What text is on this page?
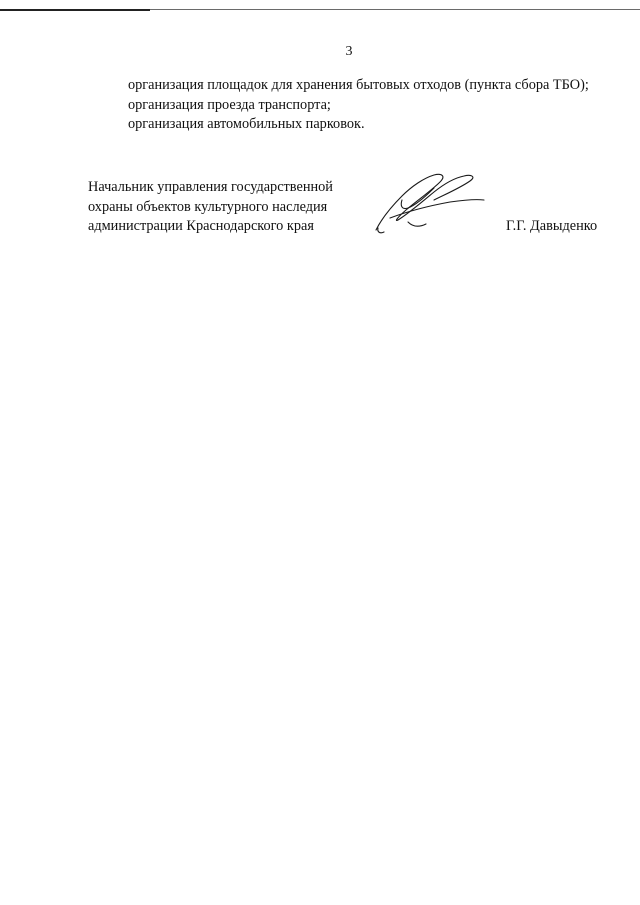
3
организация площадок для хранения бытовых отходов (пункта сбора ТБО);
организация проезда транспорта;
организация автомобильных парковок.
Начальник управления государственной
охраны объектов культурного наследия
администрации Краснодарского края	Г.Г. Давыденко
